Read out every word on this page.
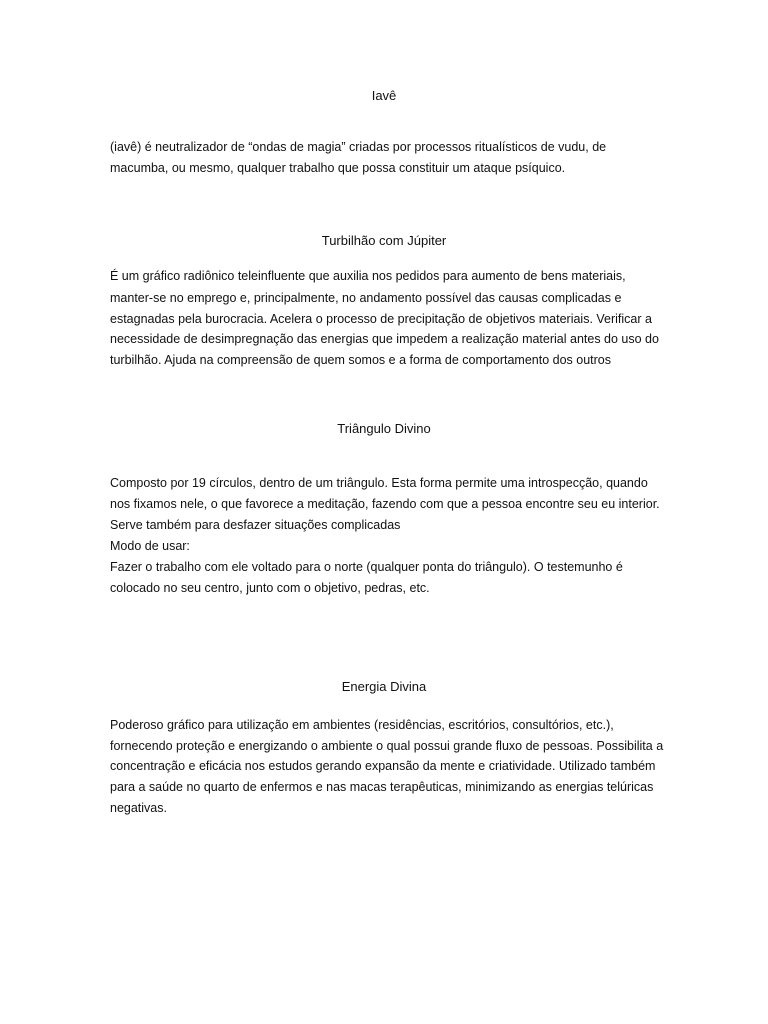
Iavê
(iavê) é neutralizador de “ondas de magia” criadas por processos ritualísticos de vudu, de
macumba, ou mesmo, qualquer trabalho que possa constituir um ataque psíquico.
Turbilhão com Júpiter
É um gráfico radiônico teleinfluente que auxilia nos pedidos para aumento de bens materiais,
manter-se no emprego e, principalmente, no andamento possível das causas complicadas e
estagnadas pela burocracia. Acelera o processo de precipitação de objetivos materiais. Verificar a
necessidade de desimpregnação das energias que impedem a realização material antes do uso do
turbilhão. Ajuda na compreensão de quem somos e a forma de comportamento dos outros
Triângulo Divino
Composto por 19 círculos, dentro de um triângulo. Esta forma permite uma introspecção, quando
nos fixamos nele, o que favorece a meditação, fazendo com que a pessoa encontre seu eu interior.
Serve também para desfazer situações complicadas
Modo de usar:
Fazer o trabalho com ele voltado para o norte (qualquer ponta do triângulo). O testemunho é
colocado no seu centro, junto com o objetivo, pedras, etc.
Energia Divina
Poderoso gráfico para utilização em ambientes (residências, escritórios, consultórios, etc.),
fornecendo proteção e energizando o ambiente o qual possui grande fluxo de pessoas. Possibilita a
concentração e eficácia nos estudos gerando expansão da mente e criatividade. Utilizado também
para a saúde no quarto de enfermos e nas macas terapêuticas, minimizando as energias telúricas
negativas.
